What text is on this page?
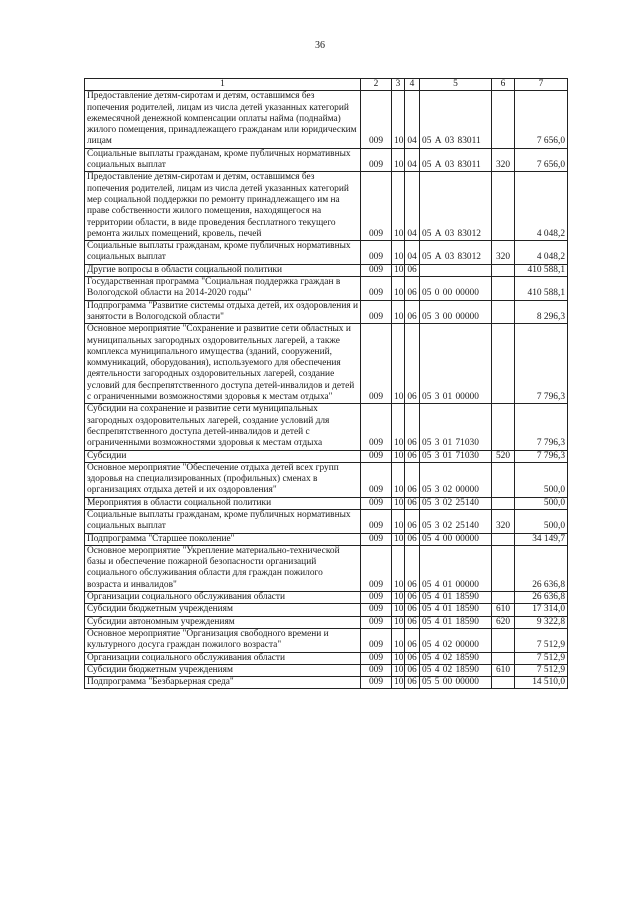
36
1	2	3	4	5	6	7
Предоставление детям-сиротам и детям, оставшимся без попечения родителей, лицам из числа детей указанных категорий ежемесячной денежной компенсации оплаты найма (поднайма) жилого помещения, принадлежащего гражданам или юридическим лицам	009	10	04	05 А 03 83011		7 656,0
Социальные выплаты гражданам, кроме публичных нормативных социальных выплат	009	10	04	05 А 03 83011	320	7 656,0
Предоставление детям-сиротам и детям, оставшимся без попечения родителей, лицам из числа детей указанных категорий мер социальной поддержки по ремонту принадлежащего им на праве собственности жилого помещения, находящегося на территории области, в виде проведения бесплатного текущего ремонта жилых помещений, кровель, печей	009	10	04	05 А 03 83012		4 048,2
Социальные выплаты гражданам, кроме публичных нормативных социальных выплат	009	10	04	05 А 03 83012	320	4 048,2
Другие вопросы в области социальной политики	009	10	06			410 588,1
Государственная программа "Социальная поддержка граждан в Вологодской области на 2014-2020 годы"	009	10	06	05 0 00 00000		410 588,1
Подпрограмма "Развитие системы отдыха детей, их оздоровления и занятости в Вологодской области"	009	10	06	05 3 00 00000		8 296,3
Основное мероприятие "Сохранение и развитие сети областных и муниципальных загородных оздоровительных лагерей, а также комплекса муниципального имущества (зданий, сооружений, коммуникаций, оборудования), используемого для обеспечения деятельности загородных оздоровительных лагерей, создание условий для беспрепятственного доступа детей-инвалидов и детей с ограниченными возможностями здоровья к местам отдыха"	009	10	06	05 3 01 00000		7 796,3
Субсидии на сохранение и развитие сети муниципальных загородных оздоровительных лагерей, создание условий для беспрепятственного доступа детей-инвалидов и детей с ограниченными возможностями здоровья к местам отдыха	009	10	06	05 3 01 71030		7 796,3
Субсидии	009	10	06	05 3 01 71030	520	7 796,3
Основное мероприятие "Обеспечение отдыха детей всех групп здоровья на специализированных (профильных) сменах в организациях отдыха детей и их оздоровления"	009	10	06	05 3 02 00000		500,0
Мероприятия в области социальной политики	009	10	06	05 3 02 25140		500,0
Социальные выплаты гражданам, кроме публичных нормативных социальных выплат	009	10	06	05 3 02 25140	320	500,0
Подпрограмма "Старшее поколение"	009	10	06	05 4 00 00000		34 149,7
Основное мероприятие "Укрепление материально-технической базы и обеспечение пожарной безопасности организаций социального обслуживания области для граждан пожилого возраста и инвалидов"	009	10	06	05 4 01 00000		26 636,8
Организации социального обслуживания области	009	10	06	05 4 01 18590		26 636,8
Субсидии бюджетным учреждениям	009	10	06	05 4 01 18590	610	17 314,0
Субсидии автономным учреждениям	009	10	06	05 4 01 18590	620	9 322,8
Основное мероприятие "Организация свободного времени и культурного досуга граждан пожилого возраста"	009	10	06	05 4 02 00000		7 512,9
Организации социального обслуживания области	009	10	06	05 4 02 18590		7 512,9
Субсидии бюджетным учреждениям	009	10	06	05 4 02 18590	610	7 512,9
Подпрограмма "Безбарьерная среда"	009	10	06	05 5 00 00000		14 510,0
